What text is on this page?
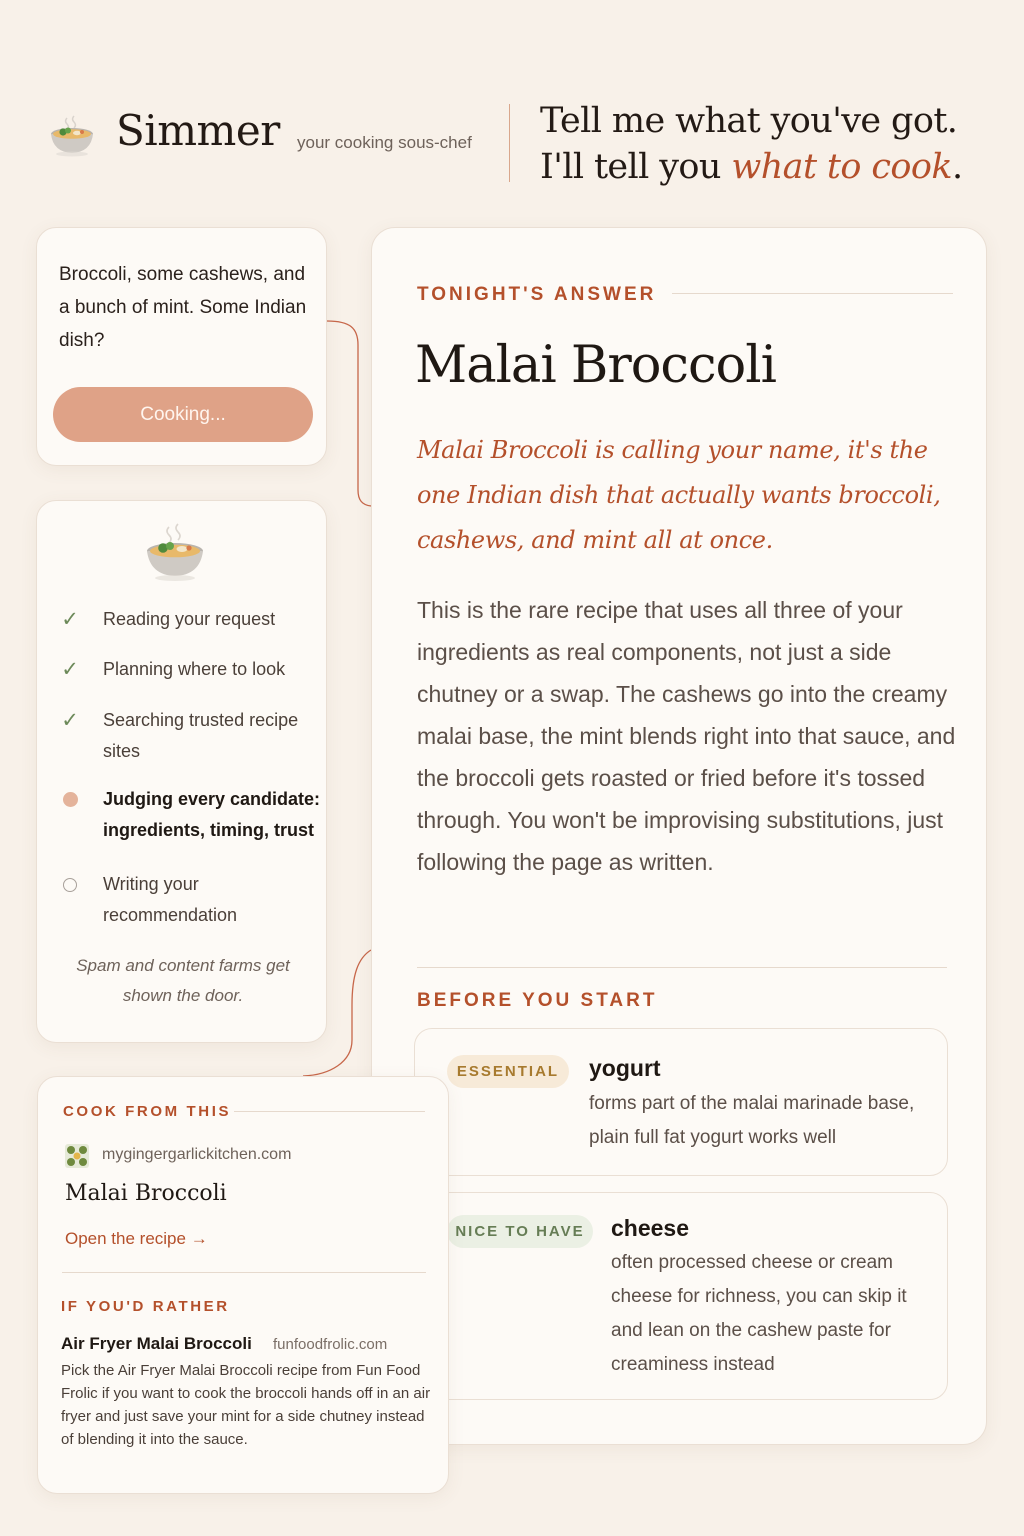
Simmer your cooking sous-chef
Tell me what you've got.
I'll tell you what to cook.
Broccoli, some cashews, and a bunch of mint. Some Indian dish?
Cooking...
✓ Reading your request
✓ Planning where to look
✓ Searching trusted recipe sites
Judging every candidate: ingredients, timing, trust
Writing your recommendation
Spam and content farms get shown the door.
TONIGHT'S ANSWER
Malai Broccoli
Malai Broccoli is calling your name, it's the one Indian dish that actually wants broccoli, cashews, and mint all at once.
This is the rare recipe that uses all three of your ingredients as real components, not just a side chutney or a swap. The cashews go into the creamy malai base, the mint blends right into that sauce, and the broccoli gets roasted or fried before it's tossed through. You won't be improvising substitutions, just following the page as written.
BEFORE YOU START
ESSENTIAL	yogurt
forms part of the malai marinade base, plain full fat yogurt works well
NICE TO HAVE	cheese
often processed cheese or cream cheese for richness, you can skip it and lean on the cashew paste for creaminess instead
COOK FROM THIS
mygingergarlickitchen.com
Malai Broccoli
Open the recipe →
IF YOU'D RATHER
Air Fryer Malai Broccoli funfoodfrolic.com
Pick the Air Fryer Malai Broccoli recipe from Fun Food Frolic if you want to cook the broccoli hands off in an air fryer and just save your mint for a side chutney instead of blending it into the sauce.
